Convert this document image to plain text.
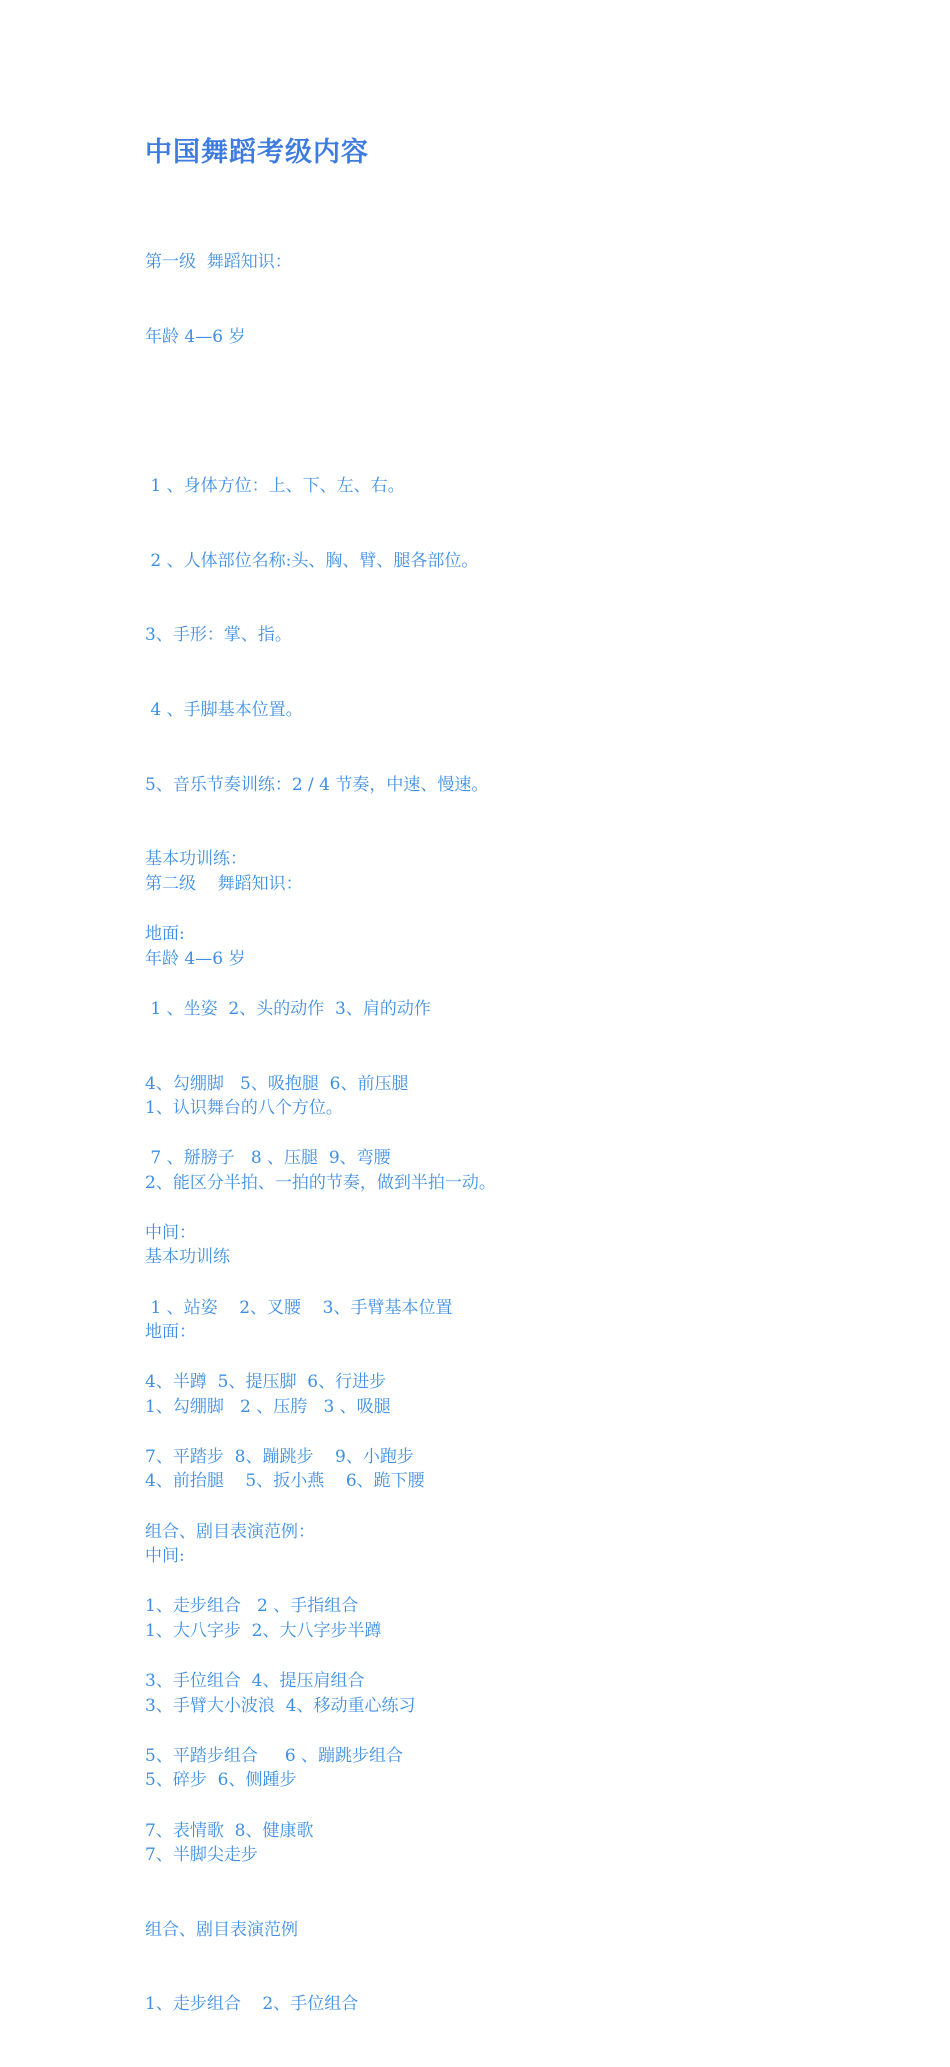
中国舞蹈考级内容

第一级  舞蹈知识：

年龄 4—6 岁

1 、身体方位：上、下、左、右。

2 、人体部位名称:头、胸、臂、腿各部位。

3、手形：掌、指。

4 、手脚基本位置。

5、音乐节奏训练：2 / 4 节奏，中速、慢速。

基本功训练：

地面:

1 、坐姿  2、头的动作  3、肩的动作

4、勾绷脚   5、吸抱腿  6、前压腿

7 、掰膀子   8 、压腿  9、弯腰

中间：

1 、站姿    2、叉腰    3、手臂基本位置

4、半蹲  5、提压脚  6、行进步

7、平踏步  8、蹦跳步    9、小跑步

组合、剧目表演范例：

1、走步组合   2 、手指组合

3、手位组合  4、提压肩组合

5、平踏步组合     6 、蹦跳步组合

7、表情歌  8、健康歌

第二级    舞蹈知识：

年龄 4—6 岁

1、认识舞台的八个方位。

2、能区分半拍、一拍的节奏，做到半拍一动。

基本功训练

地面：

1、勾绷脚   2 、压胯   3 、吸腿

4、前抬腿    5、扳小燕    6、跪下腰

中间:

1、大八字步  2、大八字步半蹲

3、手臂大小波浪  4、移动重心练习

5、碎步  6、侧踵步

7、半脚尖走步

组合、剧目表演范例

1、走步组合    2、手位组合
